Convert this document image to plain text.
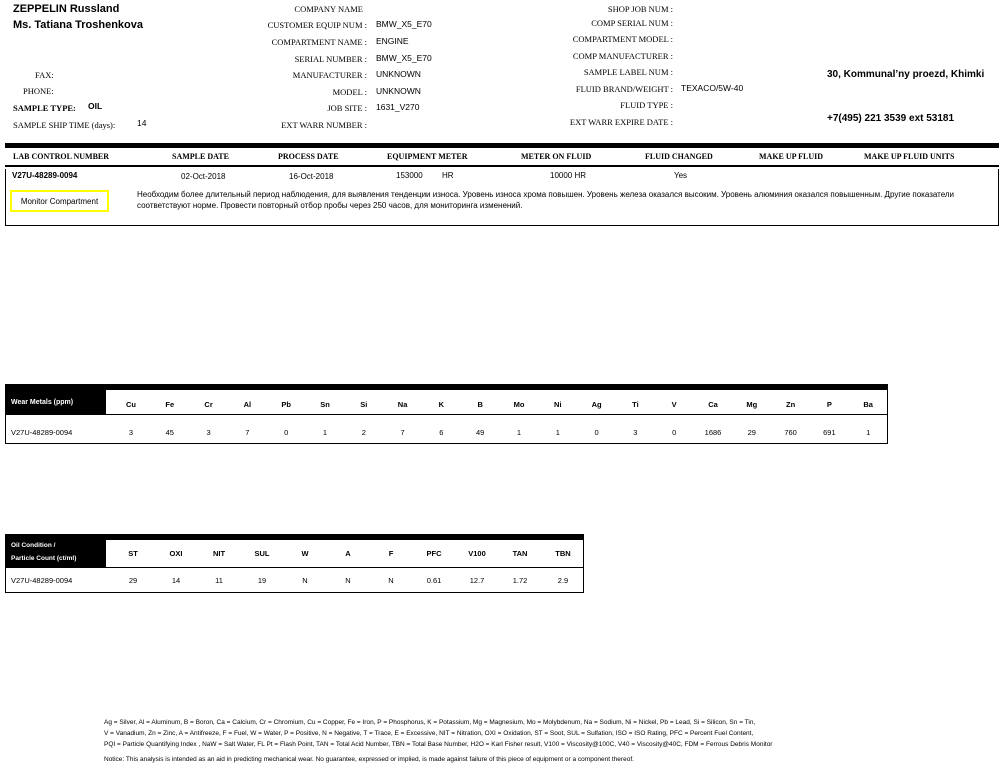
ZEPPELIN Russland
Ms. Tatiana Troshenkova
FAX:
PHONE:
SAMPLE TYPE: OIL
SAMPLE SHIP TIME (days):	14
COMPANY NAME
CUSTOMER EQUIP NUM : BMW_X5_E70
COMPARTMENT NAME : ENGINE
SERIAL NUMBER : BMW_X5_E70
MANUFACTURER : UNKNOWN
MODEL : UNKNOWN
JOB SITE : 1631_V270
EXT WARR NUMBER :
SHOP JOB NUM :
COMP SERIAL NUM :
COMPARTMENT MODEL :
COMP MANUFACTURER :
SAMPLE LABEL NUM :
FLUID BRAND/WEIGHT : TEXACO/5W-40
FLUID TYPE :
EXT WARR EXPIRE DATE :
30, Kommunal’ny proezd, Khimki
+7(495) 221 3539 ext 53181
LAB CONTROL NUMBER	SAMPLE DATE	PROCESS DATE	EQUIPMENT METER	METER ON FLUID	FLUID CHANGED	MAKE UP FLUID	MAKE UP FLUID UNITS
V27U-48289-0094	02-Oct-2018	16-Oct-2018	153000 HR	10000 HR	Yes
Monitor Compartment
Необходим более длительный период наблюдения, для выявления тенденции износа. Уровень износа хрома повышен. Уровень железа оказался высоким. Уровень алюминия оказался повышенным. Другие показатели соответствуют норме. Провести повторный отбор пробы через 250 часов, для мониторинга изменений.
Wear Metals (ppm)	Cu	Fe	Cr	Al	Pb	Sn	Si	Na	K	B	Mo	Ni	Ag	Ti	V	Ca	Mg	Zn	P	Ba
V27U-48289-0094	3	45	3	7	0	1	2	7	6	49	1	1	0	3	0	1686	29	760	691	1
Oil Condition /
Particle Count (ct/ml)
ST	OXI	NIT	SUL	W	A	F	PFC	V100	TAN	TBN
V27U-48289-0094	29	14	11	19	N	N	N	0.61	12.7	1.72	2.9
Ag = Silver, Al = Aluminum, B = Boron, Ca = Calcium, Cr = Chromium, Cu = Copper, Fe = Iron, P = Phosphorus, K = Potassium, Mg = Magnesium, Mo = Molybdenum, Na = Sodium, Ni = Nickel, Pb = Lead, Si = Silicon, Sn = Tin,
V = Vanadium, Zn = Zinc, A = Antifreeze, F = Fuel, W = Water, P = Positive, N = Negative, T = Trace, E = Excessive, NIT = Nitration, OXI = Oxidation, ST = Soot, SUL = Sulfation, ISO = ISO Rating, PFC = Percent Fuel Content,
PQI = Particle Quantifying Index , NaW = Salt Water, FL Pt = Flash Point, TAN = Total Acid Number, TBN = Total Base Number, H2O = Karl Fisher result, V100 = Viscosity@100C, V40 = Viscosity@40C, FDM = Ferrous Debris Monitor
Notice: This analysis is intended as an aid in predicting mechanical wear. No guarantee, expressed or implied, is made against failure of this piece of equipment or a component thereof.
